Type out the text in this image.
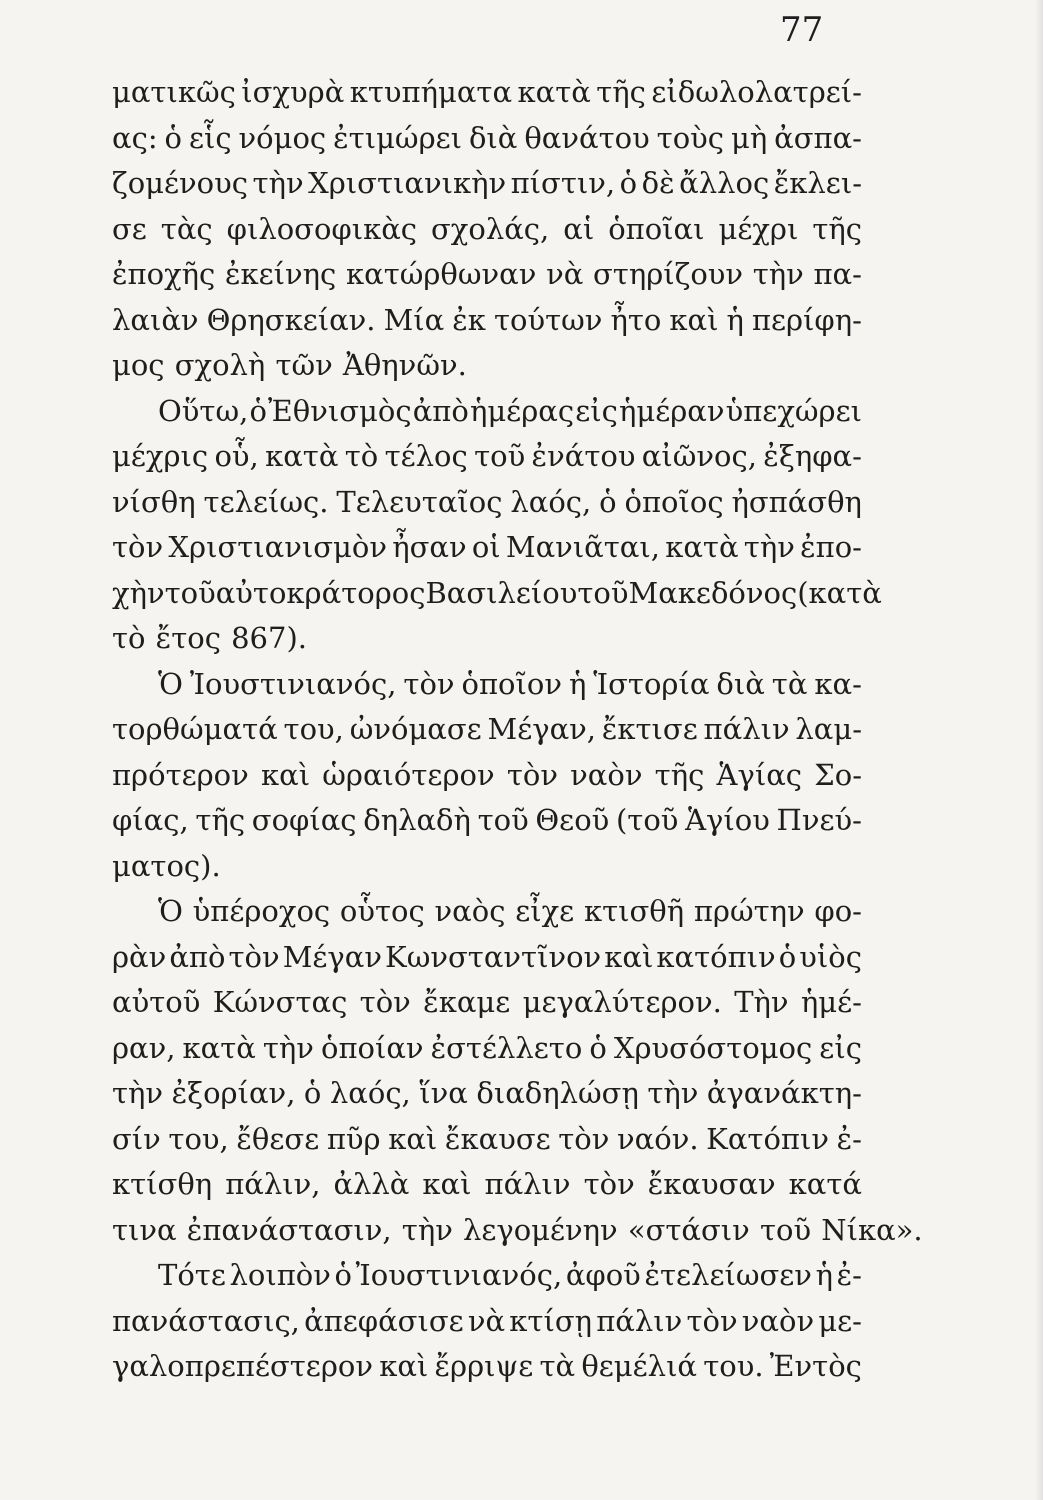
77
ματικῶς ἰσχυρὰ κτυπήματα κατὰ τῆς εἰδωλολατρεί-
ας: ὁ εἷς νόμος ἐτιμώρει διὰ θανάτου τοὺς μὴ ἀσπα-
ζομένους τὴν Χριστιανικὴν πίστιν, ὁ δὲ ἄλλος ἔκλει-
σε τὰς φιλοσοφικὰς σχολάς, αἱ ὁποῖαι μέχρι τῆς
ἐποχῆς ἐκείνης κατώρθωναν νὰ στηρίζουν τὴν πα-
λαιὰν Θρησκείαν. Μία ἐκ τούτων ἦτο καὶ ἡ περίφη-
μος σχολὴ τῶν Ἀθηνῶν.
Οὕτω, ὁ Ἐθνισμὸς ἀπὸ ἡμέρας εἰς ἡμέραν ὑπεχώρει
μέχρις οὗ, κατὰ τὸ τέλος τοῦ ἐνάτου αἰῶνος, ἐξηφα-
νίσθη τελείως. Τελευταῖος λαός, ὁ ὁποῖος ἠσπάσθη
τὸν Χριστιανισμὸν ἦσαν οἱ Μανιᾶται, κατὰ τὴν ἐπο-
χὴν τοῦ αὐτοκράτορος Βασιλείου τοῦ Μακεδόνος(κατὰ
τὸ ἔτος 867).
Ὁ Ἰουστινιανός, τὸν ὁποῖον ἡ Ἱστορία διὰ τὰ κα-
τορθώματά του, ὠνόμασε Μέγαν, ἔκτισε πάλιν λαμ-
πρότερον καὶ ὡραιότερον τὸν ναὸν τῆς Ἁγίας Σο-
φίας, τῆς σοφίας δηλαδὴ τοῦ Θεοῦ (τοῦ Ἁγίου Πνεύ-
ματος).
Ὁ ὑπέροχος οὗτος ναὸς εἶχε κτισθῆ πρώτην φο-
ρὰν ἀπὸ τὸν Μέγαν Κωνσταντῖνον καὶ κατόπιν ὁ υἱὸς
αὐτοῦ Κώνστας τὸν ἔκαμε μεγαλύτερον. Τὴν ἡμέ-
ραν, κατὰ τὴν ὁποίαν ἐστέλλετο ὁ Χρυσόστομος εἰς
τὴν ἐξορίαν, ὁ λαός, ἵνα διαδηλώσῃ τὴν ἀγανάκτη-
σίν του, ἔθεσε πῦρ καὶ ἔκαυσε τὸν ναόν. Κατόπιν ἐ-
κτίσθη πάλιν, ἀλλὰ καὶ πάλιν τὸν ἔκαυσαν κατά
τινα ἐπανάστασιν, τὴν λεγομένην «στάσιν τοῦ Νίκα».
Τότε λοιπὸν ὁ Ἰουστινιανός, ἀφοῦ ἐτελείωσεν ἡ ἐ-
πανάστασις, ἀπεφάσισε νὰ κτίσῃ πάλιν τὸν ναὸν με-
γαλοπρεπέστερον καὶ ἔρριψε τὰ θεμέλιά του. Ἐντὸς
